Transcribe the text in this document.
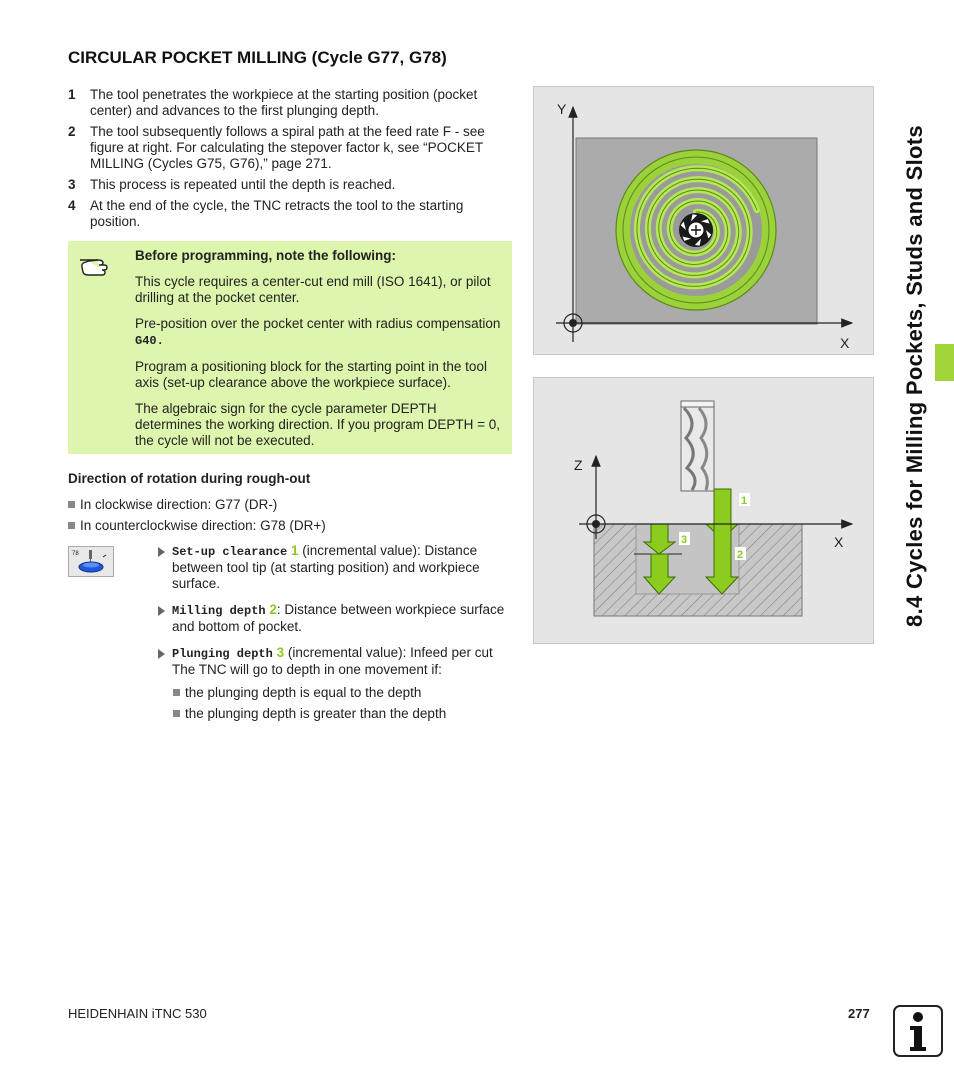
CIRCULAR POCKET MILLING (Cycle G77, G78)
1 The tool penetrates the workpiece at the starting position (pocket center) and advances to the first plunging depth.
2 The tool subsequently follows a spiral path at the feed rate F - see figure at right. For calculating the stepover factor k, see “POCKET MILLING (Cycles G75, G76),” page 271.
3 This process is repeated until the depth is reached.
4 At the end of the cycle, the TNC retracts the tool to the starting position.
Before programming, note the following:

This cycle requires a center-cut end mill (ISO 1641), or pilot drilling at the pocket center.

Pre-position over the pocket center with radius compensation G40.

Program a positioning block for the starting point in the tool axis (set-up clearance above the workpiece surface).

The algebraic sign for the cycle parameter DEPTH determines the working direction. If you program DEPTH = 0, the cycle will not be executed.

Direction of rotation during rough-out
In clockwise direction: G77 (DR-)
In counterclockwise direction: G78 (DR+)
78	Set-up clearance 1 (incremental value): Distance between tool tip (at starting position) and workpiece surface.
Milling depth 2: Distance between workpiece surface and bottom of pocket.
Plunging depth 3 (incremental value): Infeed per cut The TNC will go to depth in one movement if:
the plunging depth is equal to the depth
the plunging depth is greater than the depth
Y
X
1
3
2
Z
X	8.4 Cycles for Milling Pockets, Studs and Slots
HEIDENHAIN iTNC 530	277
